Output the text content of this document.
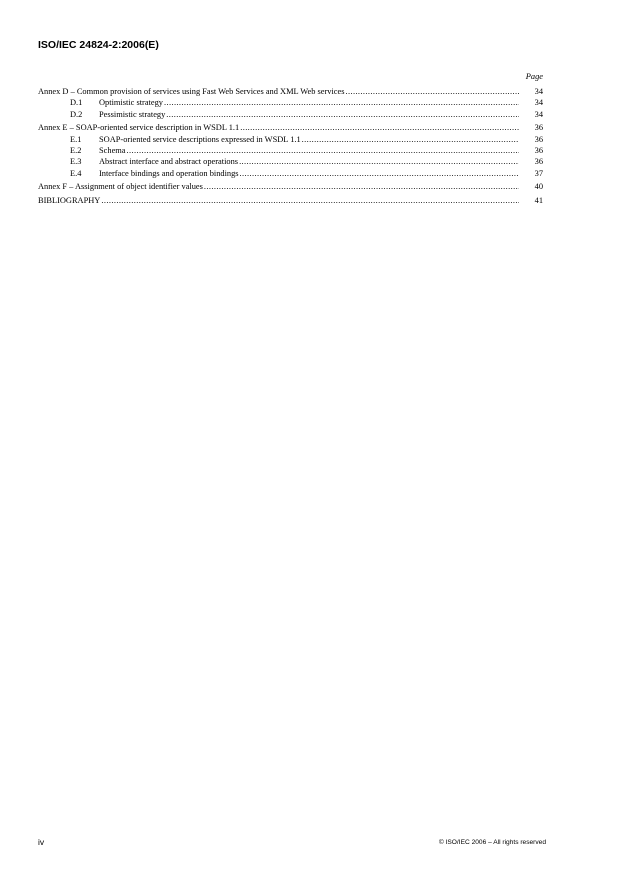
ISO/IEC 24824-2:2006(E)
Page
Annex D – Common provision of services using Fast Web Services and XML Web services .....	34
D.1	Optimistic strategy .....	34
D.2	Pessimistic strategy .....	34
Annex E – SOAP-oriented service description in WSDL 1.1 .....	36
E.1	SOAP-oriented service descriptions expressed in WSDL 1.1 .....	36
E.2	Schema .....	36
E.3	Abstract interface and abstract operations .....	36
E.4	Interface bindings and operation bindings .....	37
Annex F – Assignment of object identifier values .....	40
BIBLIOGRAPHY .....	41
iv	© ISO/IEC 2006 – All rights reserved
